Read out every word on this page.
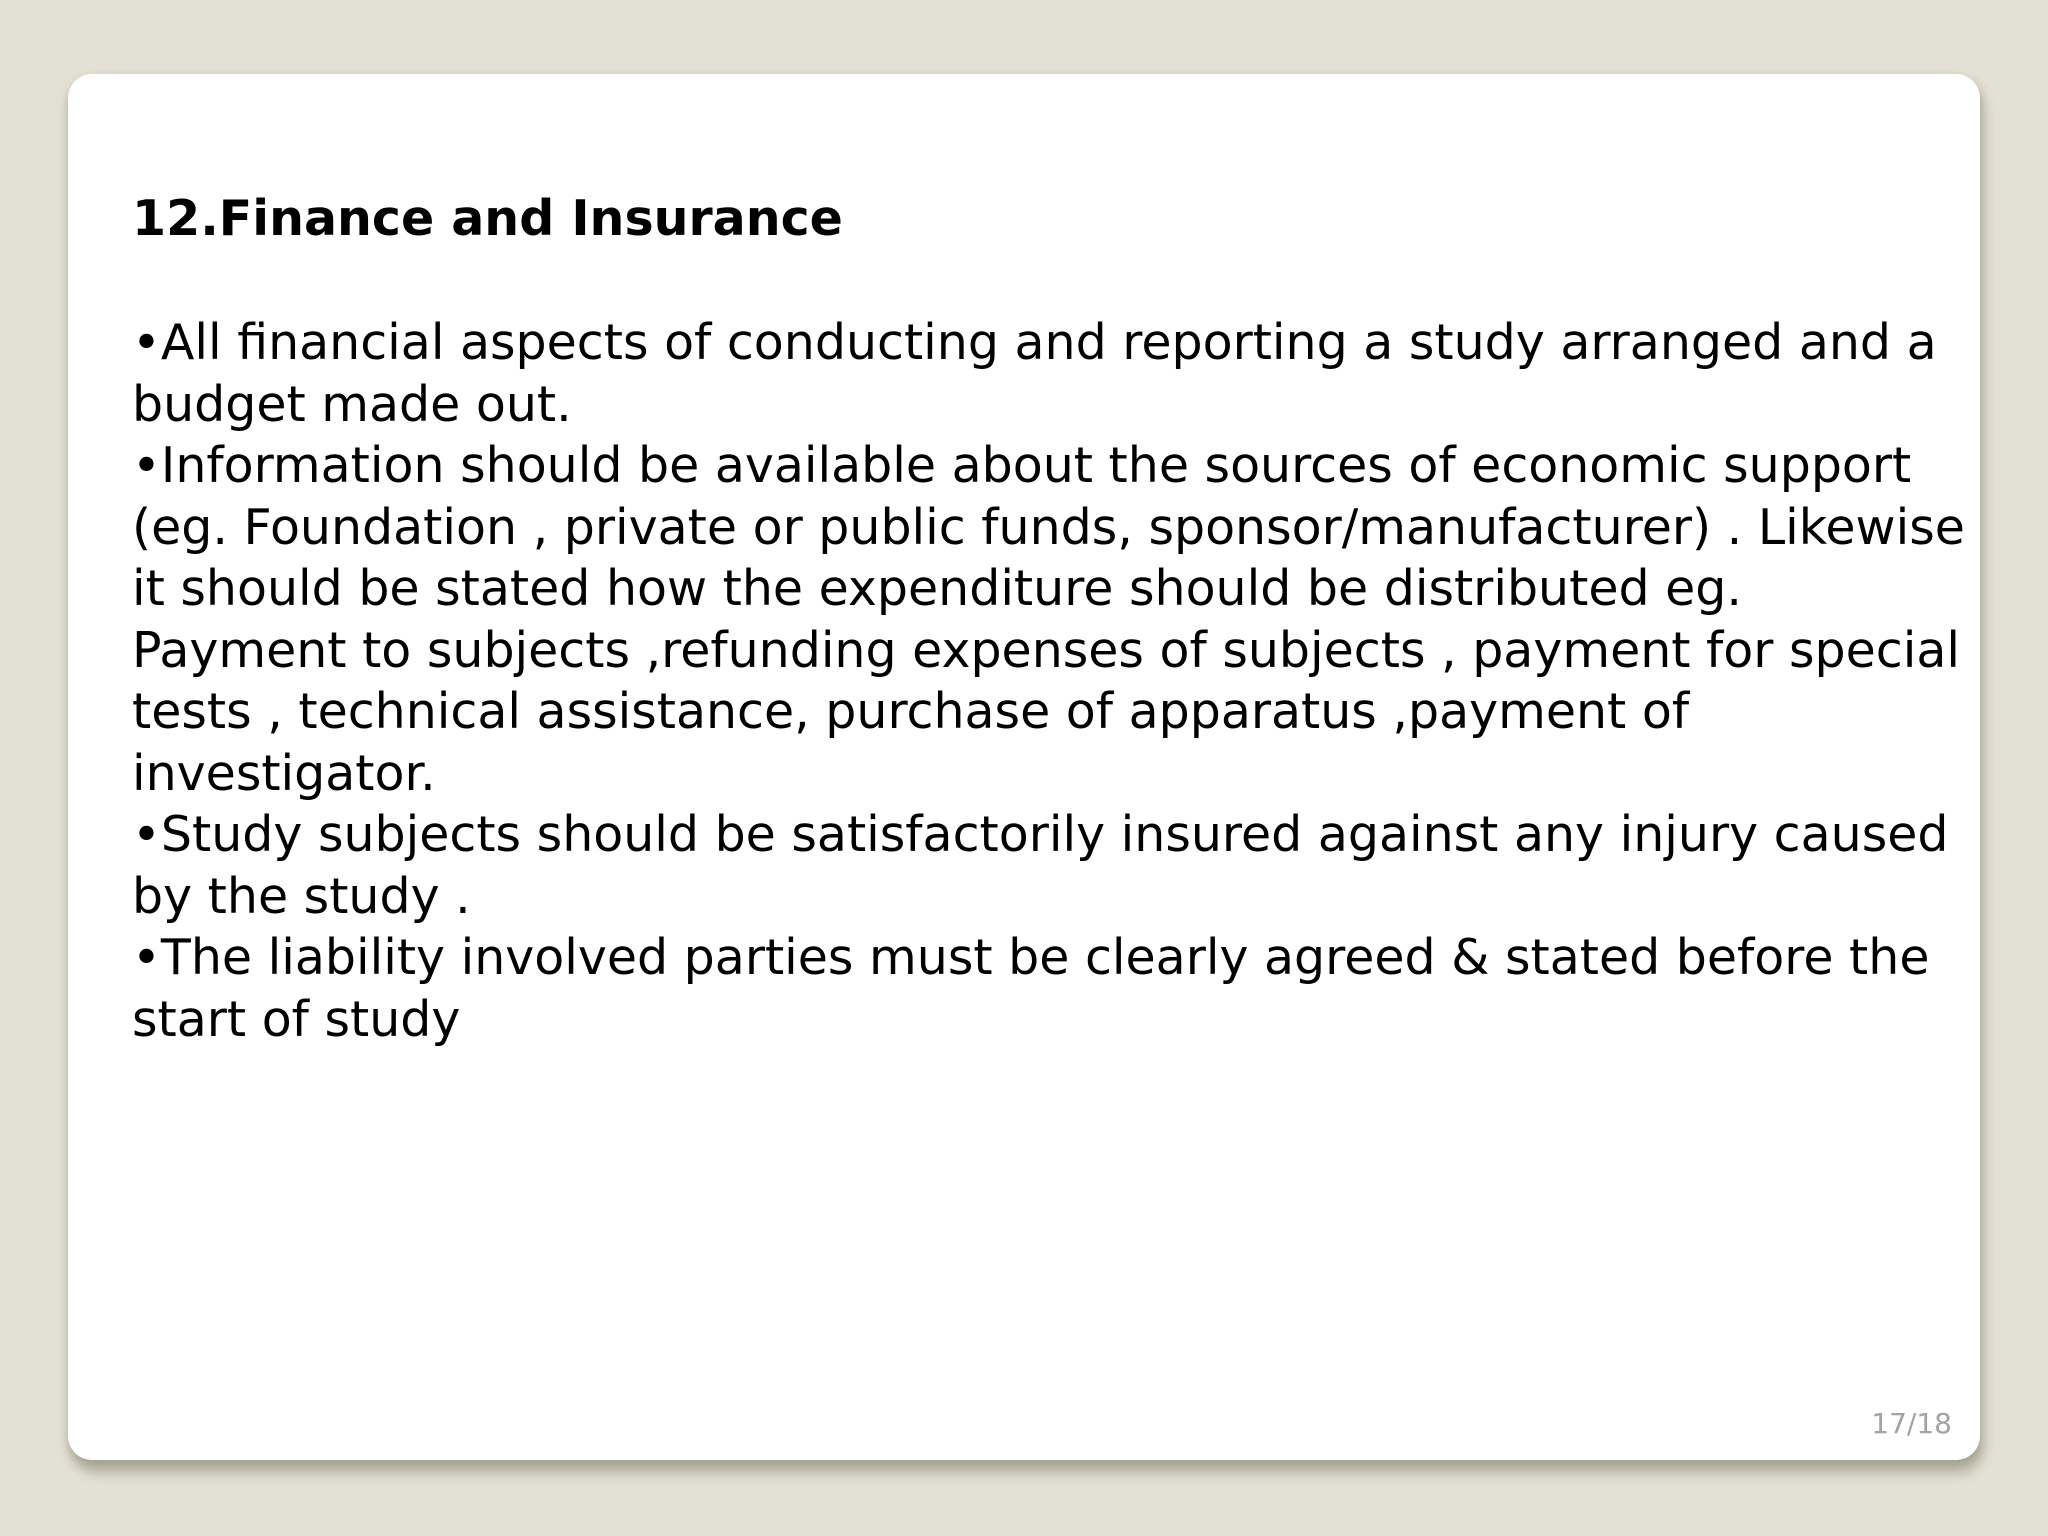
12.Finance and Insurance

•All financial aspects of conducting and reporting a study arranged and a budget made out.

•Information should be available about the sources of economic support (eg. Foundation , private or public funds, sponsor/manufacturer) . Likewise it should be stated how the expenditure should be distributed eg. Payment to subjects ,refunding expenses of subjects , payment for special tests , technical assistance, purchase of apparatus ,payment of investigator.

•Study subjects should be satisfactorily insured against any injury caused by the study .

•The liability involved parties must be clearly agreed & stated before the start of study

17/18
